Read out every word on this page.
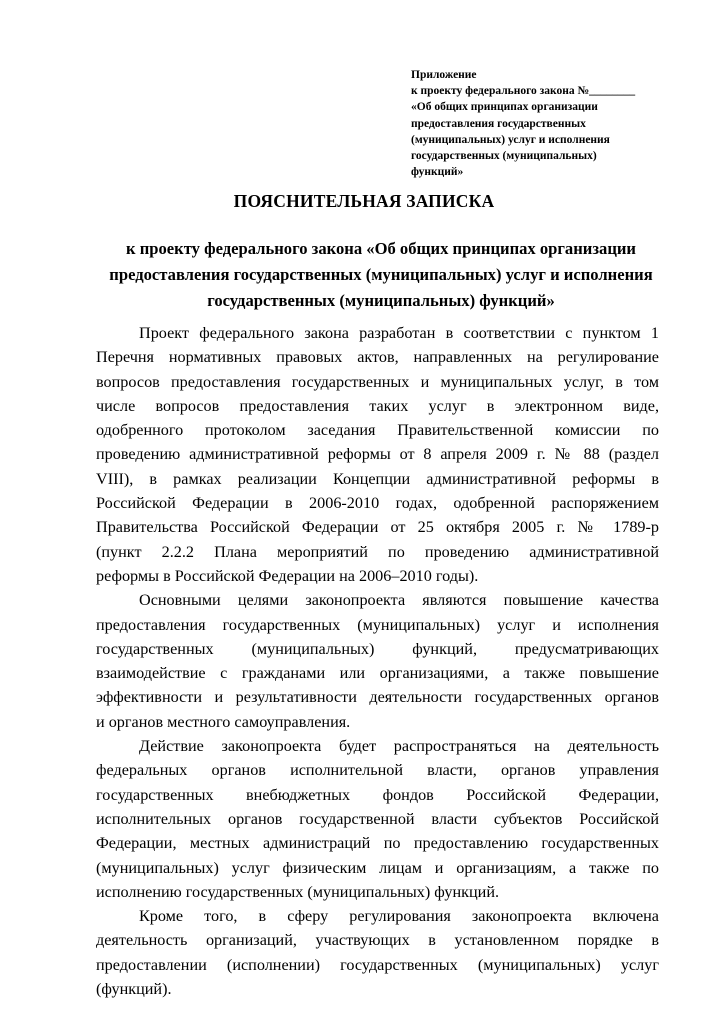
Приложение
к проекту федерального закона №________
«Об общих принципах организации
предоставления государственных
(муниципальных) услуг и исполнения
государственных (муниципальных)
функций»
ПОЯСНИТЕЛЬНАЯ ЗАПИСКА
к проекту федерального закона «Об общих принципах организации
предоставления государственных (муниципальных) услуг и исполнения
государственных (муниципальных) функций»
Проект федерального закона разработан в соответствии с пунктом 1
Перечня нормативных правовых актов, направленных на регулирование
вопросов предоставления государственных и муниципальных услуг, в том
числе вопросов предоставления таких услуг в электронном виде,
одобренного протоколом заседания Правительственной комиссии по
проведению административной реформы от 8 апреля 2009 г. № 88 (раздел
VIII), в рамках реализации Концепции административной реформы в
Российской Федерации в 2006-2010 годах, одобренной распоряжением
Правительства Российской Федерации от 25 октября 2005 г. № 1789-р
(пункт 2.2.2 Плана мероприятий по проведению административной
реформы в Российской Федерации на 2006–2010 годы).
Основными целями законопроекта являются повышение качества
предоставления государственных (муниципальных) услуг и исполнения
государственных (муниципальных) функций, предусматривающих
взаимодействие с гражданами или организациями, а также повышение
эффективности и результативности деятельности государственных органов
и органов местного самоуправления.
Действие законопроекта будет распространяться на деятельность
федеральных органов исполнительной власти, органов управления
государственных внебюджетных фондов Российской Федерации,
исполнительных органов государственной власти субъектов Российской
Федерации, местных администраций по предоставлению государственных
(муниципальных) услуг физическим лицам и организациям, а также по
исполнению государственных (муниципальных) функций.
Кроме того, в сферу регулирования законопроекта включена
деятельность организаций, участвующих в установленном порядке в
предоставлении (исполнении) государственных (муниципальных) услуг
(функций).
